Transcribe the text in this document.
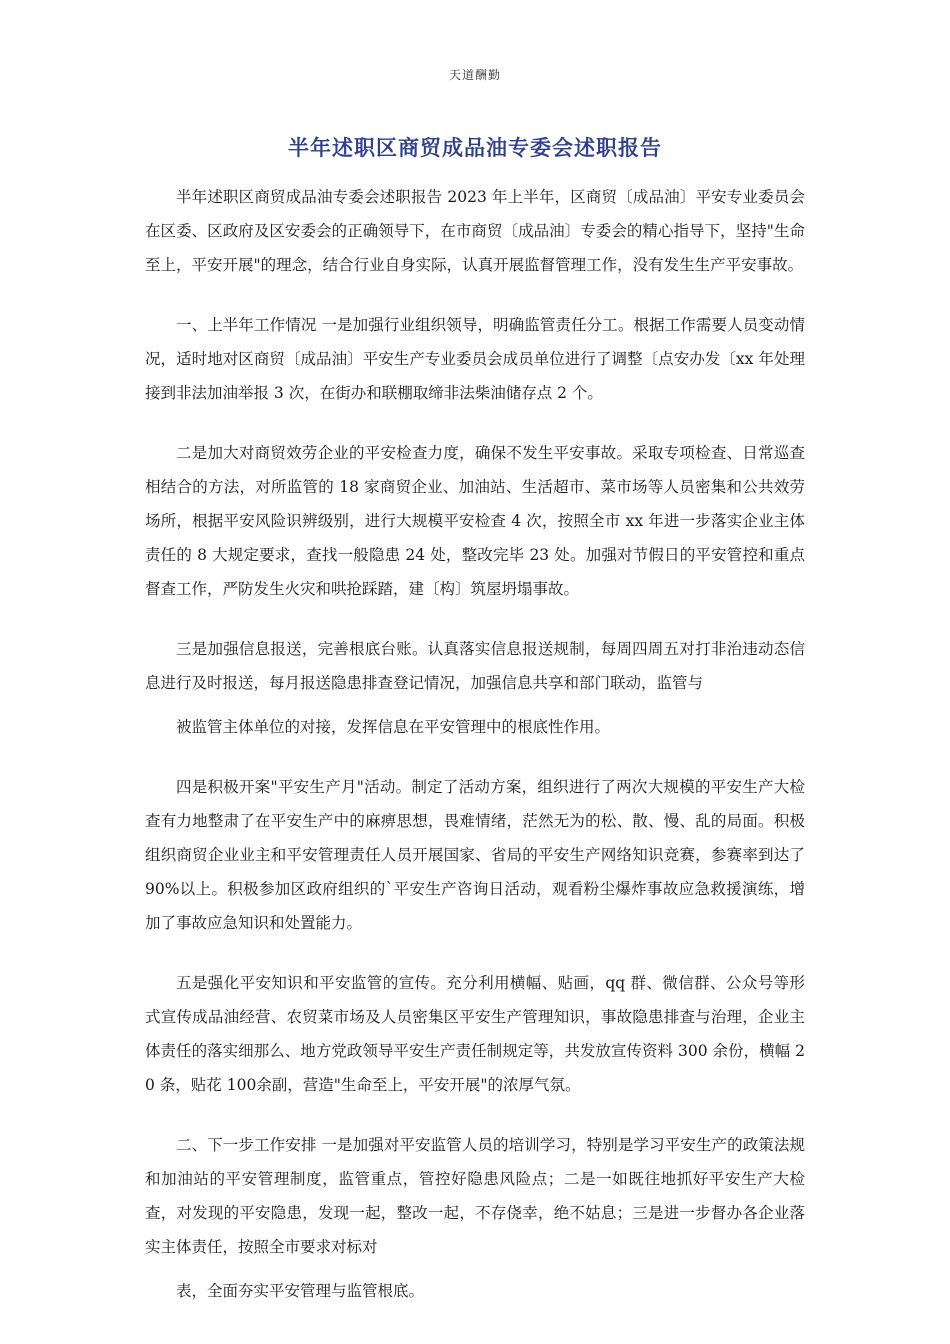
天道酬勤
半年述职区商贸成品油专委会述职报告

半年述职区商贸成品油专委会述职报告 2023 年上半年，区商贸〔成品油〕平安专业委员会在区委、区政府及区安委会的正确领导下，在市商贸〔成品油〕专委会的精心指导下，坚持"生命至上，平安开展"的理念，结合行业自身实际，认真开展监督管理工作，没有发生生产平安事故。

一、上半年工作情况 一是加强行业组织领导，明确监管责任分工。根据工作需要人员变动情况，适时地对区商贸〔成品油〕平安生产专业委员会成员单位进行了调整〔点安办发〔xx 年处理接到非法加油举报 3 次，在街办和联棚取缔非法柴油储存点 2 个。

二是加大对商贸效劳企业的平安检查力度，确保不发生平安事故。采取专项检查、日常巡查相结合的方法，对所监管的 18 家商贸企业、加油站、生活超市、菜市场等人员密集和公共效劳场所，根据平安风险识辨级别，进行大规模平安检查 4 次，按照全市 xx 年进一步落实企业主体责任的 8 大规定要求，查找一般隐患 24 处，整改完毕 23 处。加强对节假日的平安管控和重点督查工作，严防发生火灾和哄抢踩踏，建〔构〕筑屋坍塌事故。

三是加强信息报送，完善根底台账。认真落实信息报送规制，每周四周五对打非治违动态信息进行及时报送，每月报送隐患排查登记情况，加强信息共享和部门联动，监管与

被监管主体单位的对接，发挥信息在平安管理中的根底性作用。

四是积极开案"平安生产月"活动。制定了活动方案，组织进行了两次大规模的平安生产大检查有力地整肃了在平安生产中的麻痹思想，畏难情绪，茫然无为的松、散、慢、乱的局面。积极组织商贸企业业主和平安管理责任人员开展国家、省局的平安生产网络知识竞赛，参赛率到达了 90%以上。积极参加区政府组织的`平安生产咨询日活动，观看粉尘爆炸事故应急救援演练，增加了事故应急知识和处置能力。

五是强化平安知识和平安监管的宣传。充分利用横幅、贴画，qq 群、微信群、公众号等形式宣传成品油经营、农贸菜市场及人员密集区平安生产管理知识，事故隐患排查与治理，企业主体责任的落实细那么、地方党政领导平安生产责任制规定等，共发放宣传资料 300 余份，横幅 20 条，贴花 100余副，营造"生命至上，平安开展"的浓厚气氛。

二、下一步工作安排 一是加强对平安监管人员的培训学习，特别是学习平安生产的政策法规和加油站的平安管理制度，监管重点，管控好隐患风险点；二是一如既往地抓好平安生产大检查，对发现的平安隐患，发现一起，整改一起，不存侥幸，绝不姑息；三是进一步督办各企业落实主体责任，按照全市要求对标对

表，全面夯实平安管理与监管根底。
